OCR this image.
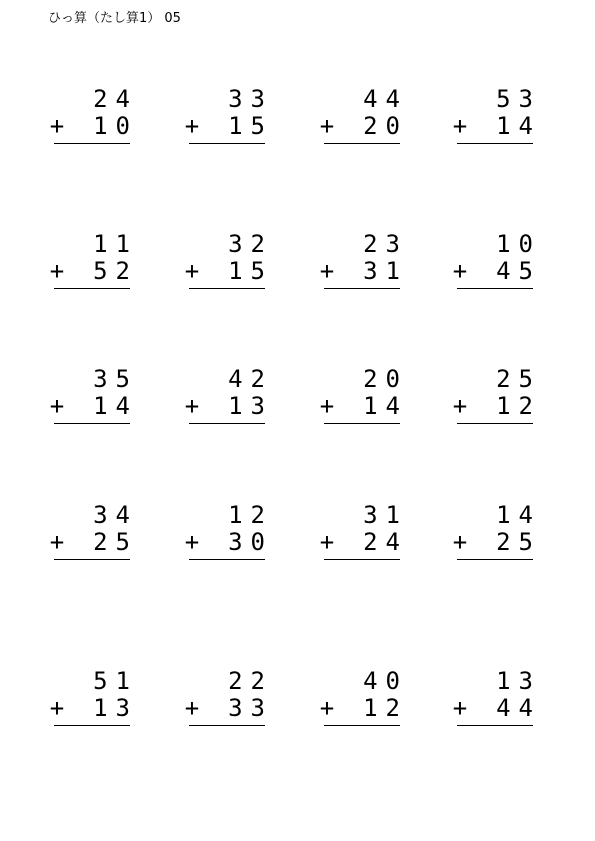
ひっ算（たし算1） 05
24
+ 10
33
+ 15
44
+ 20
53
+ 14
11
+ 52
32
+ 15
23
+ 31
10
+ 45
35
+ 14
42
+ 13
20
+ 14
25
+ 12
34
+ 25
12
+ 30
31
+ 24
14
+ 25
51
+ 13
22
+ 33
40
+ 12
13
+ 44
